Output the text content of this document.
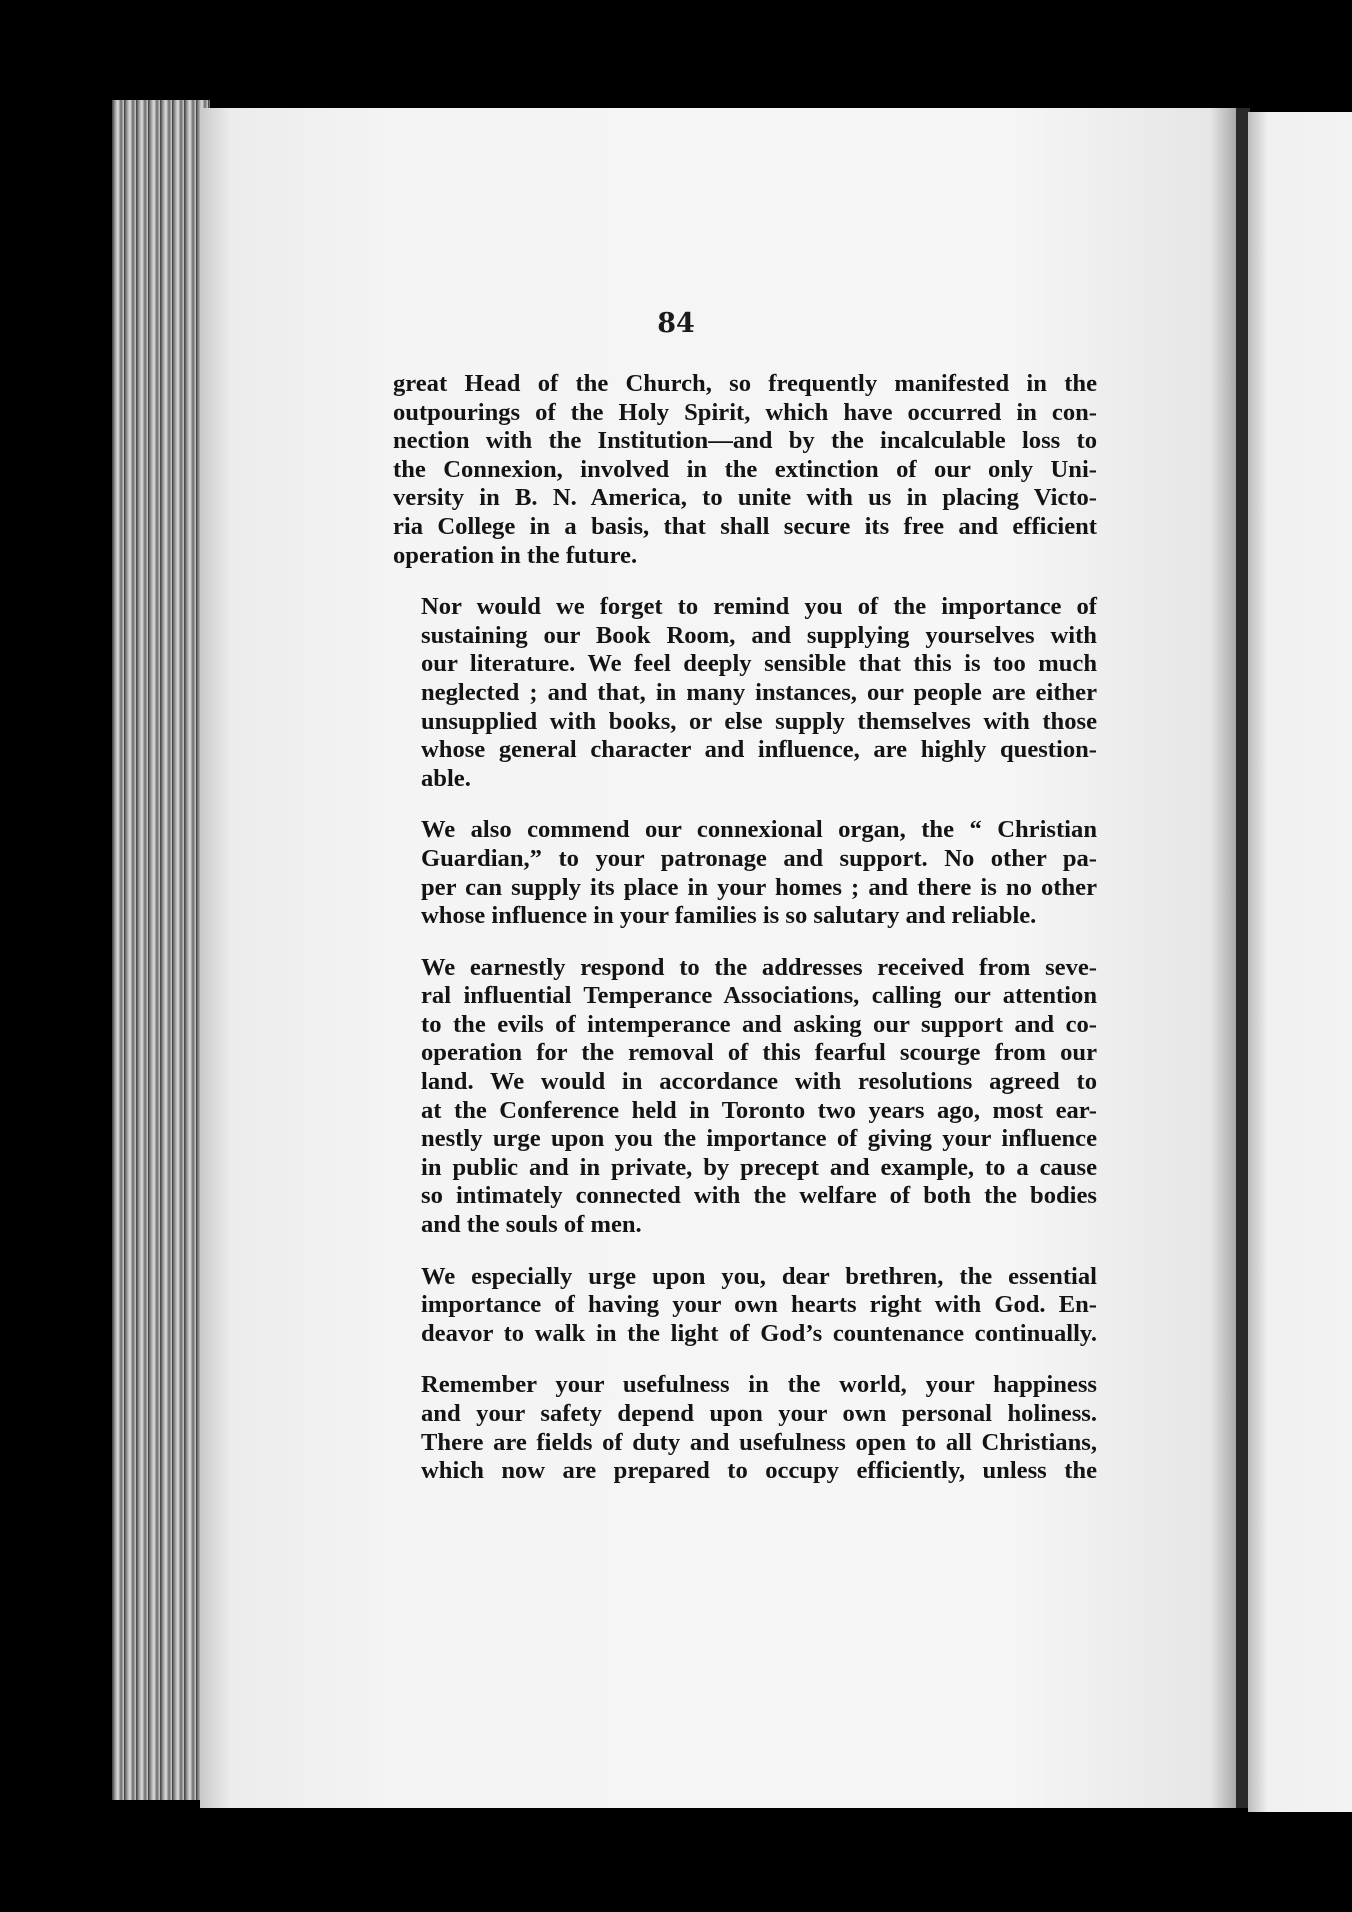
84
great Head of the Church, so frequently manifested in the
outpourings of the Holy Spirit, which have occurred in con-
nection with the Institution—and by the incalculable loss to
the Connexion, involved in the extinction of our only Uni-
versity in B. N. America, to unite with us in placing Victo-
ria College in a basis, that shall secure its free and efficient
operation in the future.
Nor would we forget to remind you of the importance of
sustaining our Book Room, and supplying yourselves with
our literature. We feel deeply sensible that this is too much
neglected ; and that, in many instances, our people are either
unsupplied with books, or else supply themselves with those
whose general character and influence, are highly question-
able.
We also commend our connexional organ, the “ Christian
Guardian,” to your patronage and support. No other pa-
per can supply its place in your homes ; and there is no other
whose influence in your families is so salutary and reliable.
We earnestly respond to the addresses received from seve-
ral influential Temperance Associations, calling our attention
to the evils of intemperance and asking our support and co-
operation for the removal of this fearful scourge from our
land. We would in accordance with resolutions agreed to
at the Conference held in Toronto two years ago, most ear-
nestly urge upon you the importance of giving your influence
in public and in private, by precept and example, to a cause
so intimately connected with the welfare of both the bodies
and the souls of men.
We especially urge upon you, dear brethren, the essential
importance of having your own hearts right with God. En-
deavor to walk in the light of God’s countenance continually.
Remember your usefulness in the world, your happiness
and your safety depend upon your own personal holiness.
There are fields of duty and usefulness open to all Christians,
which now are prepared to occupy efficiently, unless the
